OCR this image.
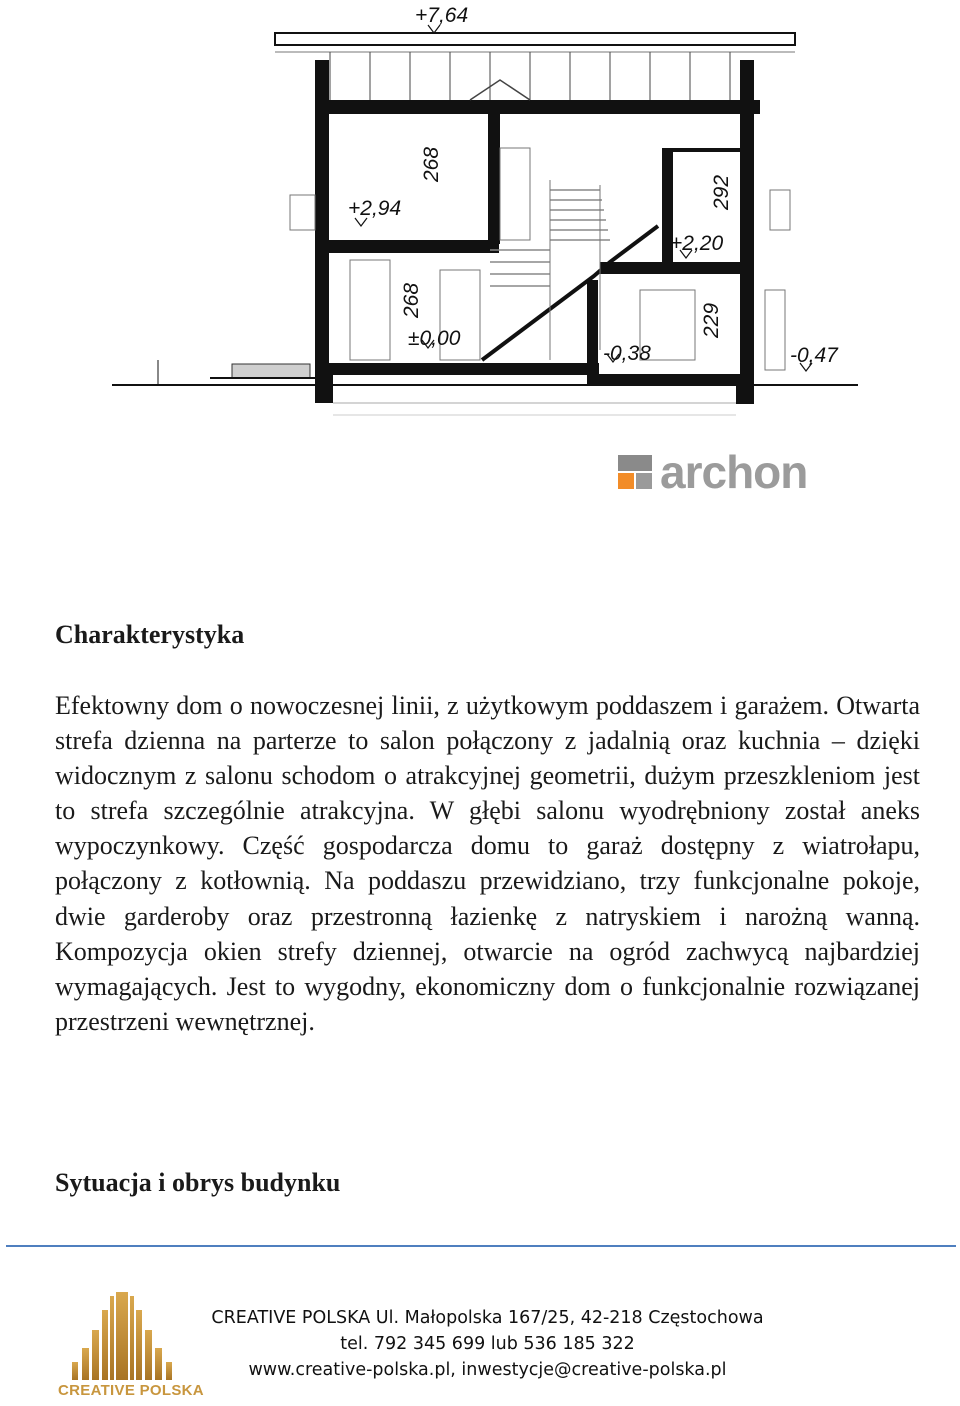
+7,64
+2,94
±0,00
-0,38
+2,20
-0,47
268
268
292
229
archon
Charakterystyka

Efektowny dom o nowoczesnej linii, z użytkowym poddaszem i garażem. Otwarta strefa dzienna na parterze to salon połączony z jadalnią oraz kuchnia – dzięki widocznym z salonu schodom o atrakcyjnej geometrii, dużym przeszkleniom jest to strefa szczególnie atrakcyjna. W głębi salonu wyodrębniony został aneks wypoczynkowy. Część gospodarcza domu to garaż dostępny z wiatrołapu, połączony z kotłownią. Na poddaszu przewidziano, trzy funkcjonalne pokoje, dwie garderoby oraz przestronną łazienkę z natryskiem i narożną wanną. Kompozycja okien strefy dziennej, otwarcie na ogród zachwycą najbardziej wymagających. Jest to wygodny, ekonomiczny dom o funkcjonalnie rozwiązanej przestrzeni wewnętrznej.

Sytuacja i obrys budynku
CREATIVE POLSKA
CREATIVE POLSKA Ul. Małopolska 167/25, 42-218 Częstochowa
tel. 792 345 699 lub 536 185 322
www.creative-polska.pl, inwestycje@creative-polska.pl
